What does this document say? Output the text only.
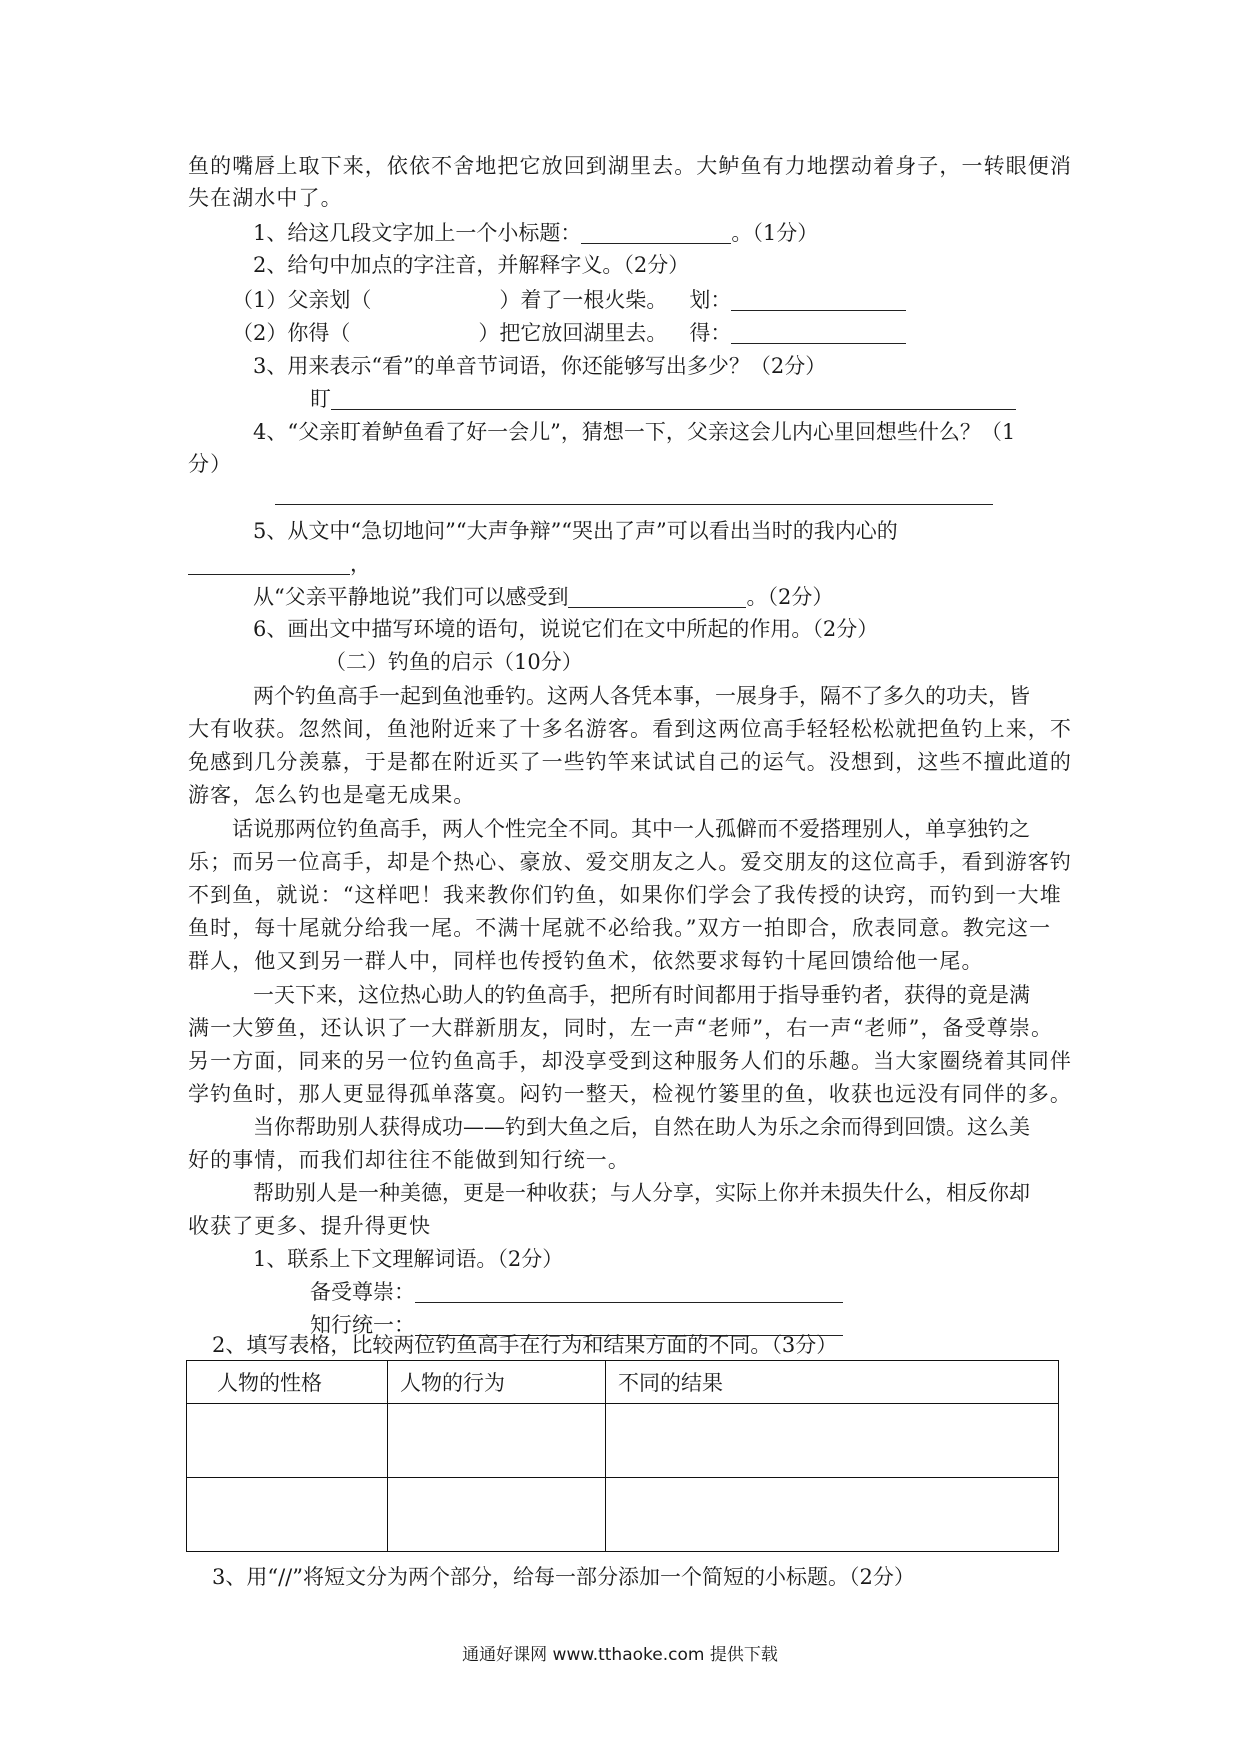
鱼的嘴唇上取下来，依依不舍地把它放回到湖里去。大鲈鱼有力地摆动着身子，一转眼便消
失在湖水中了。
1、给这几段文字加上一个小标题：	。（1分）
2、给句中加点的字注音，并解释字义。（2分）
（1）父亲划（	）着了一根火柴。 划：
（2）你得（	）把它放回湖里去。 得：
3、用来表示“看”的单音节词语，你还能够写出多少？（2分）
盯
4、“父亲盯着鲈鱼看了好一会儿”，猜想一下，父亲这会儿内心里回想些什么？（1
分）
5、从文中“急切地问”“大声争辩”“哭出了声”可以看出当时的我内心的
，
从“父亲平静地说”我们可以感受到	。（2分）
6、画出文中描写环境的语句，说说它们在文中所起的作用。（2分）
（二）钓鱼的启示（10分）
两个钓鱼高手一起到鱼池垂钓。这两人各凭本事，一展身手，隔不了多久的功夫，皆
大有收获。忽然间，鱼池附近来了十多名游客。看到这两位高手轻轻松松就把鱼钓上来，不
免感到几分羡慕，于是都在附近买了一些钓竿来试试自己的运气。没想到，这些不擅此道的
游客，怎么钓也是毫无成果。
话说那两位钓鱼高手，两人个性完全不同。其中一人孤僻而不爱搭理别人，单享独钓之
乐；而另一位高手，却是个热心、豪放、爱交朋友之人。爱交朋友的这位高手，看到游客钓
不到鱼，就说：“这样吧！我来教你们钓鱼，如果你们学会了我传授的诀窍，而钓到一大堆
鱼时，每十尾就分给我一尾。不满十尾就不必给我。”双方一拍即合，欣表同意。教完这一
群人，他又到另一群人中，同样也传授钓鱼术，依然要求每钓十尾回馈给他一尾。
一天下来，这位热心助人的钓鱼高手，把所有时间都用于指导垂钓者，获得的竟是满
满一大箩鱼，还认识了一大群新朋友，同时，左一声“老师”，右一声“老师”，备受尊崇。
另一方面，同来的另一位钓鱼高手，却没享受到这种服务人们的乐趣。当大家圈绕着其同伴
学钓鱼时，那人更显得孤单落寞。闷钓一整天，检视竹篓里的鱼，收获也远没有同伴的多。
当你帮助别人获得成功——钓到大鱼之后，自然在助人为乐之余而得到回馈。这么美
好的事情，而我们却往往不能做到知行统一。
帮助别人是一种美德，更是一种收获；与人分享，实际上你并未损失什么，相反你却
收获了更多、提升得更快
1、联系上下文理解词语。（2分）
备受尊崇：
知行统一：
2、填写表格，比较两位钓鱼高手在行为和结果方面的不同。（3分）
人物的性格	人物的行为	不同的结果

3、用“//”将短文分为两个部分，给每一部分添加一个简短的小标题。（2分）
通通好课网 www.tthaoke.com 提供下载
